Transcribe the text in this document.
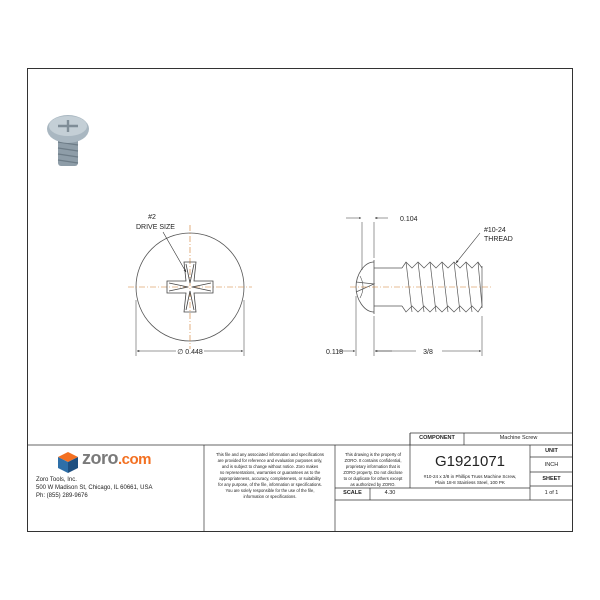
#2
DRIVE SIZE
∅ 0.448
0.104
#10-24
THREAD
0.118	3/8
zoro.com
Zoro Tools, Inc.
500 W Madison St, Chicago, IL 60661, USA
Ph: (855) 289-9676
This file and any associated information and specifications
are provided for reference and evaluation purposes only,
and is subject to change without notice. Zoro makes
no representations, warranties or guarantees as to the
appropriateness, accuracy, completeness, or suitability
for any purpose, of the file, information or specifications.
You are solely responsible for the use of the file,
information or specifications.
This drawing is the property of
ZORO. It contains confidential,
proprietary information that is
ZORO property. Do not disclose
to or duplicate for others except
as authorized by ZORO.
COMPONENT	Machine Screw
G1921071
#10-24 x 3/8 in Phillips Truss Machine Screw,
Plain 18-8 Stainless Steel, 100 PK
UNIT
INCH
SHEET
1 of 1
SCALE	4.30
